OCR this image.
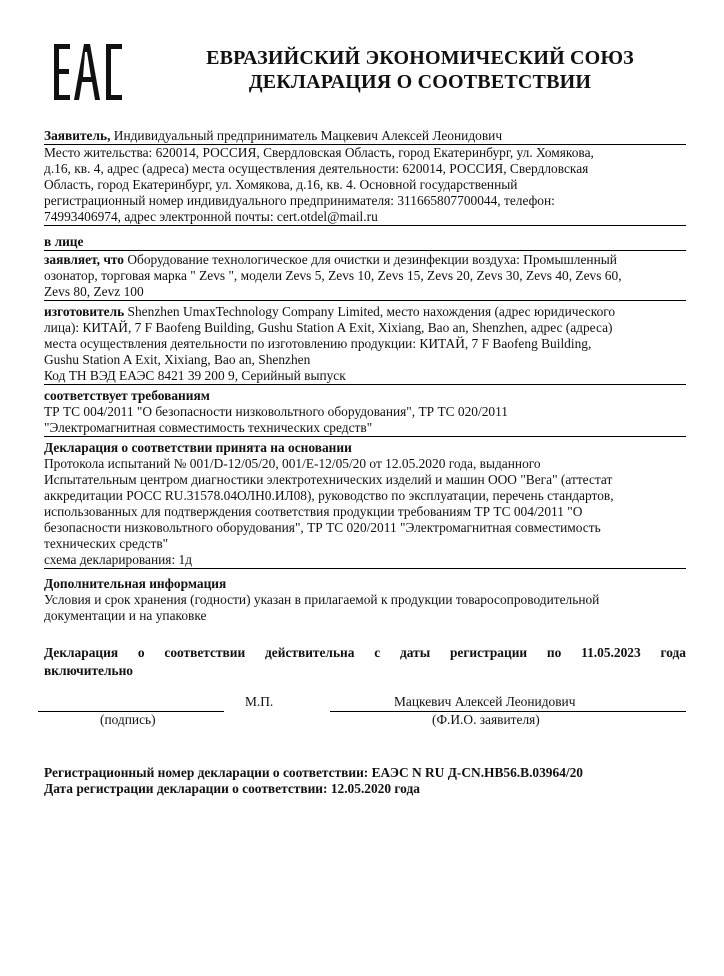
ЕВРАЗИЙСКИЙ ЭКОНОМИЧЕСКИЙ СОЮЗ
ДЕКЛАРАЦИЯ О СООТВЕТСТВИИ
Заявитель, Индивидуальный предприниматель Мацкевич Алексей Леонидович
Место жительства: 620014, РОССИЯ, Свердловская Область, город Екатеринбург, ул. Хомякова,
д.16, кв. 4, адрес (адреса) места осуществления деятельности: 620014, РОССИЯ, Свердловская
Область, город Екатеринбург, ул. Хомякова, д.16, кв. 4. Основной государственный
регистрационный номер индивидуального предпринимателя: 311665807700044, телефон:
74993406974, адрес электронной почты: cert.otdel@mail.ru
в лице
заявляет, что Оборудование технологическое для очистки и дезинфекции воздуха: Промышленный
озонатор, торговая марка " Zevs ", модели Zevs 5, Zevs 10, Zevs 15, Zevs 20, Zevs 30, Zevs 40, Zevs 60,
Zevs 80, Zevz 100
изготовитель Shenzhen UmaxTechnology Company Limited, место нахождения (адрес юридического
лица): КИТАЙ, 7 F Baofeng Building, Gushu Station A Exit, Xixiang, Bao an, Shenzhen, адрес (адреса)
места осуществления деятельности по изготовлению продукции: КИТАЙ, 7 F Baofeng Building,
Gushu Station A Exit, Xixiang, Bao an, Shenzhen
Код ТН ВЭД ЕАЭС 8421 39 200 9, Серийный выпуск
соответствует требованиям
ТР ТС 004/2011 "О безопасности низковольтного оборудования", ТР ТС 020/2011
"Электромагнитная совместимость технических средств"
Декларация о соответствии принята на основании
Протокола испытаний № 001/D-12/05/20, 001/E-12/05/20 от 12.05.2020 года, выданного
Испытательным центром диагностики электротехнических изделий и машин ООО "Вега" (аттестат
аккредитации РОСС RU.31578.04ОЛН0.ИЛ08), руководство по эксплуатации, перечень стандартов,
использованных для подтверждения соответствия продукции требованиям ТР ТС 004/2011 "О
безопасности низковольтного оборудования", ТР ТС 020/2011 "Электромагнитная совместимость
технических средств"
схема декларирования: 1д
Дополнительная информация
Условия и срок хранения (годности) указан в прилагаемой к продукции товаросопроводительной
документации и на упаковке
Декларация о соответствии действительна с даты регистрации по 11.05.2023 года
включительно
М.П.	Мацкевич Алексей Леонидович
(подпись)	(Ф.И.О. заявителя)
Регистрационный номер декларации о соответствии: ЕАЭС N RU Д-CN.НВ56.В.03964/20
Дата регистрации декларации о соответствии: 12.05.2020 года
